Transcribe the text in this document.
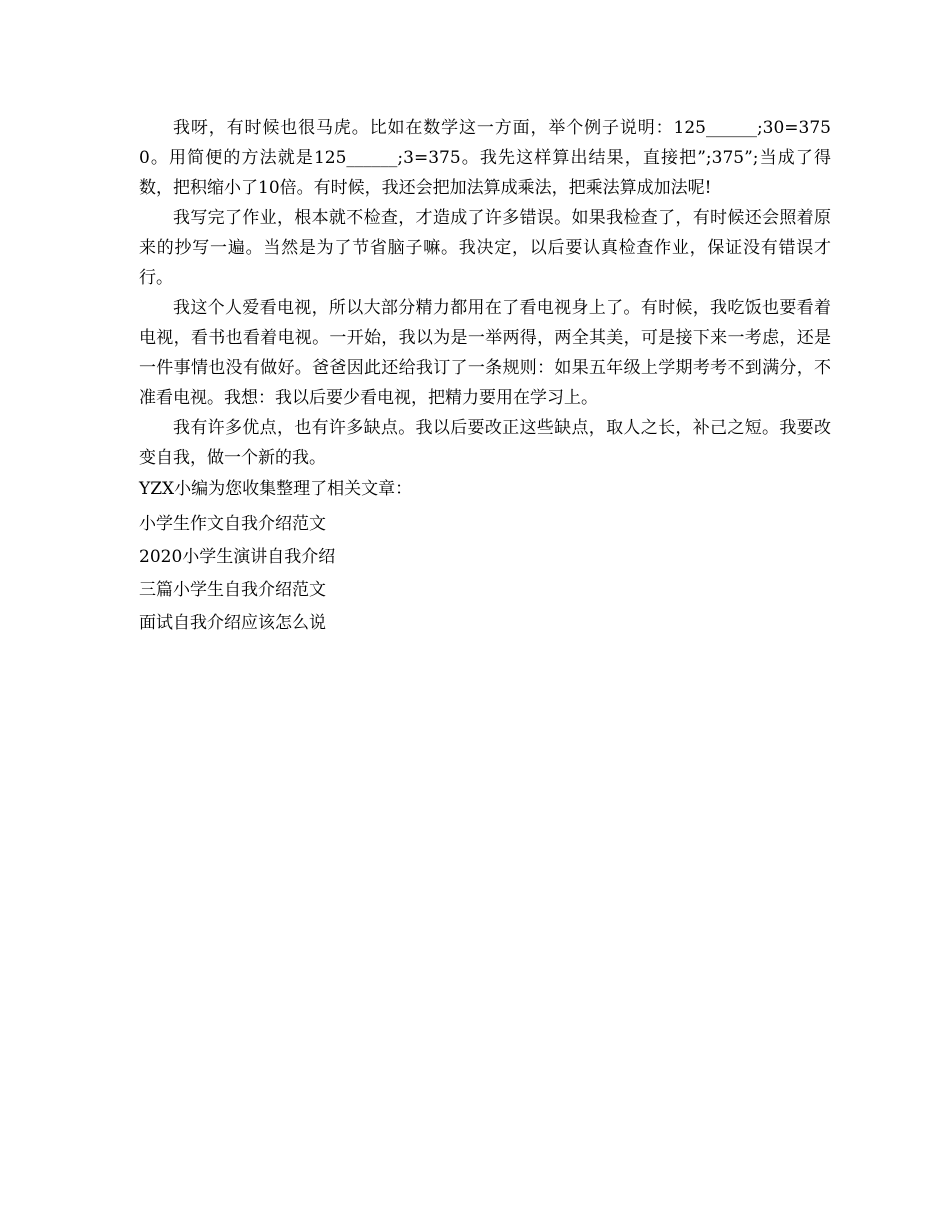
我呀，有时候也很马虎。比如在数学这一方面，举个例子说明：125______;30=3750。用简便的方法就是125______;3=375。我先这样算出结果，直接把”;375”;当成了得数，把积缩小了10倍。有时候，我还会把加法算成乘法，把乘法算成加法呢!

我写完了作业，根本就不检查，才造成了许多错误。如果我检查了，有时候还会照着原来的抄写一遍。当然是为了节省脑子嘛。我决定，以后要认真检查作业，保证没有错误才行。

我这个人爱看电视，所以大部分精力都用在了看电视身上了。有时候，我吃饭也要看着电视，看书也看着电视。一开始，我以为是一举两得，两全其美，可是接下来一考虑，还是一件事情也没有做好。爸爸因此还给我订了一条规则：如果五年级上学期考考不到满分，不准看电视。我想：我以后要少看电视，把精力要用在学习上。

我有许多优点，也有许多缺点。我以后要改正这些缺点，取人之长，补己之短。我要改变自我，做一个新的我。

YZX小编为您收集整理了相关文章：

小学生作文自我介绍范文
2020小学生演讲自我介绍
三篇小学生自我介绍范文
面试自我介绍应该怎么说
